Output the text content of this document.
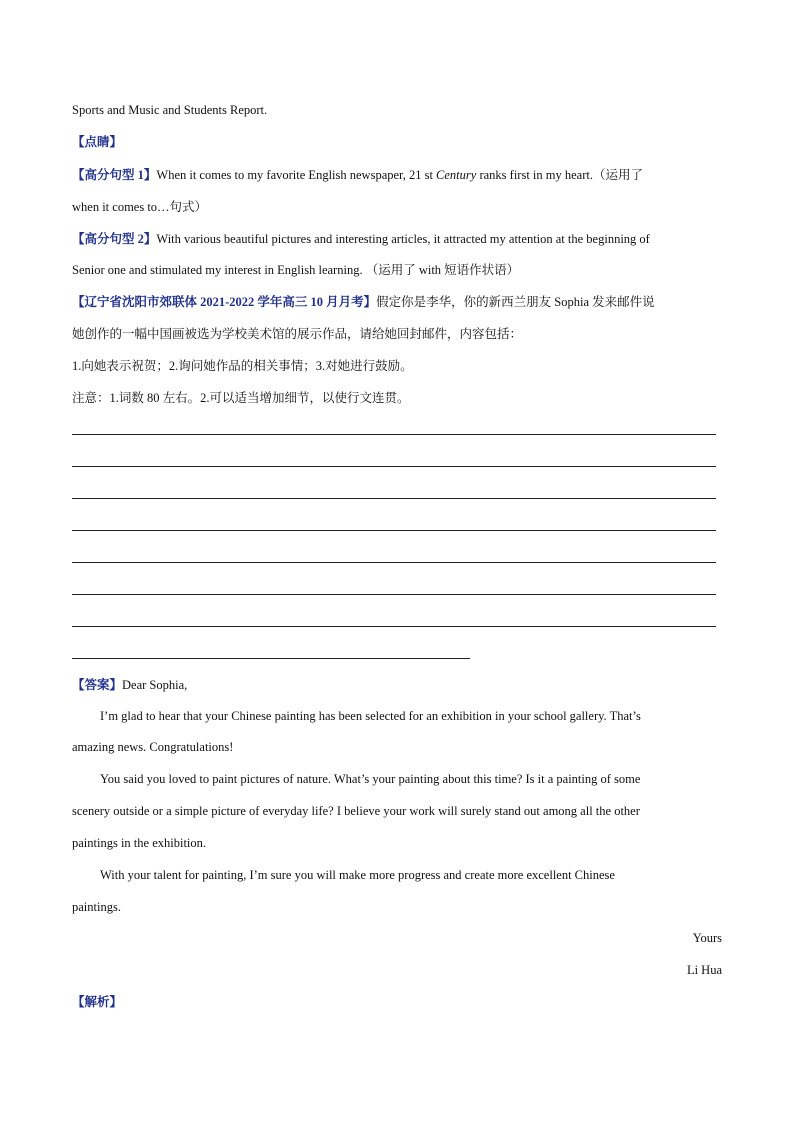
Sports and Music and Students Report.
【点睛】
【高分句型 1】When it comes to my favorite English newspaper, 21 st Century ranks first in my heart.（运用了
when it comes to…句式）
【高分句型 2】With various beautiful pictures and interesting articles, it attracted my attention at the beginning of
Senior one and stimulated my interest in English learning. （运用了 with 短语作状语）
【辽宁省沈阳市郊联体 2021-2022 学年高三 10 月月考】假定你是李华，你的新西兰朋友 Sophia 发来邮件说
她创作的一幅中国画被选为学校美术馆的展示作品，请给她回封邮件，内容包括：
1.向她表示祝贺；2.询问她作品的相关事情；3.对她进行鼓励。
注意：1.词数 80 左右。2.可以适当增加细节，以使行文连贯。
【答案】Dear Sophia,
I’m glad to hear that your Chinese painting has been selected for an exhibition in your school gallery. That’s
amazing news. Congratulations!
You said you loved to paint pictures of nature. What’s your painting about this time? Is it a painting of some
scenery outside or a simple picture of everyday life? I believe your work will surely stand out among all the other
paintings in the exhibition.
With your talent for painting, I’m sure you will make more progress and create more excellent Chinese
paintings.
Yours
Li Hua
【解析】
